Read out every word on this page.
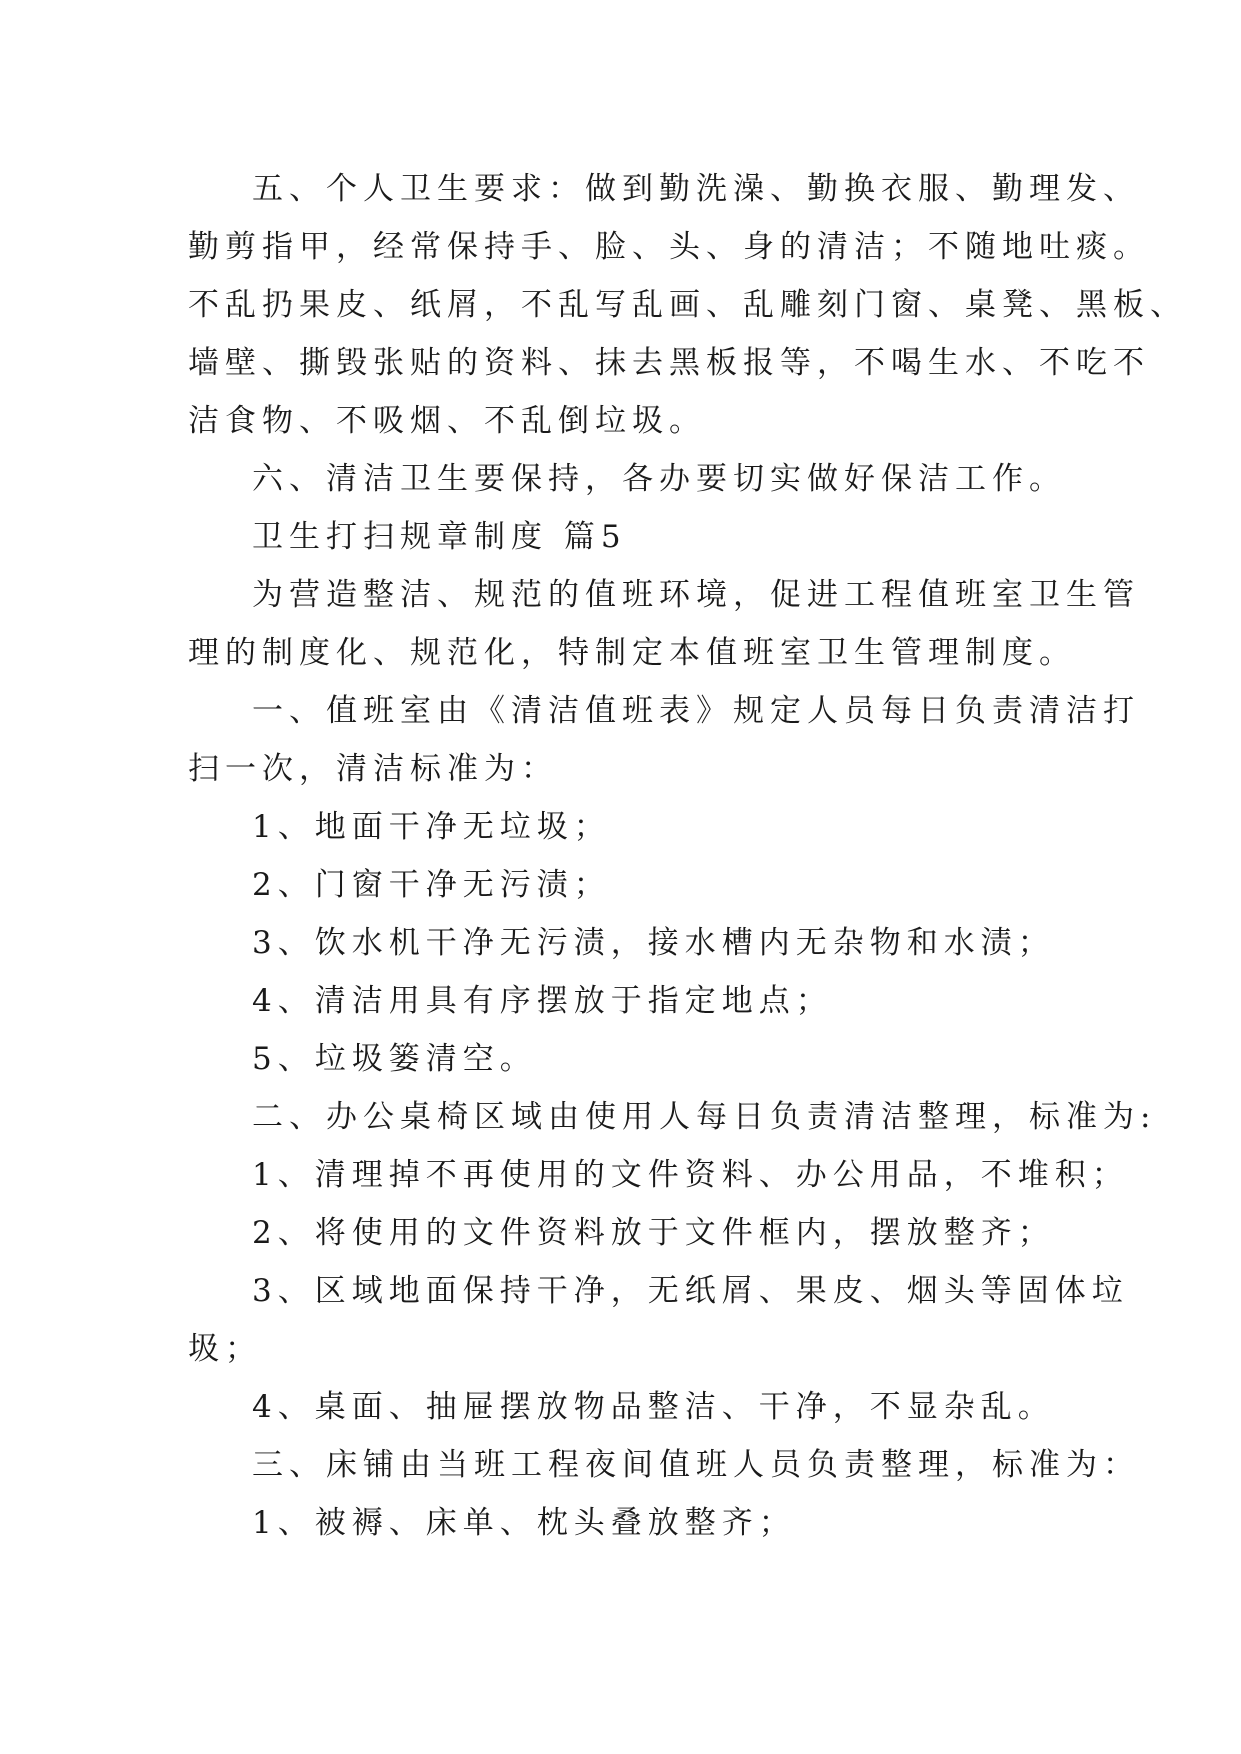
五、个人卫生要求：做到勤洗澡、勤换衣服、勤理发、

勤剪指甲，经常保持手、脸、头、身的清洁；不随地吐痰。

不乱扔果皮、纸屑，不乱写乱画、乱雕刻门窗、桌凳、黑板、

墙壁、撕毁张贴的资料、抹去黑板报等，不喝生水、不吃不

洁食物、不吸烟、不乱倒垃圾。

六、清洁卫生要保持，各办要切实做好保洁工作。

卫生打扫规章制度 篇5

为营造整洁、规范的值班环境，促进工程值班室卫生管

理的制度化、规范化，特制定本值班室卫生管理制度。

一、值班室由《清洁值班表》规定人员每日负责清洁打

扫一次，清洁标准为：

1、地面干净无垃圾；

2、门窗干净无污渍；

3、饮水机干净无污渍，接水槽内无杂物和水渍；

4、清洁用具有序摆放于指定地点；

5、垃圾篓清空。

二、办公桌椅区域由使用人每日负责清洁整理，标准为:

1、清理掉不再使用的文件资料、办公用品，不堆积；

2、将使用的文件资料放于文件框内，摆放整齐；

3、区域地面保持干净，无纸屑、果皮、烟头等固体垃

圾；

4、桌面、抽屉摆放物品整洁、干净，不显杂乱。

三、床铺由当班工程夜间值班人员负责整理，标准为：

1、被褥、床单、枕头叠放整齐；
